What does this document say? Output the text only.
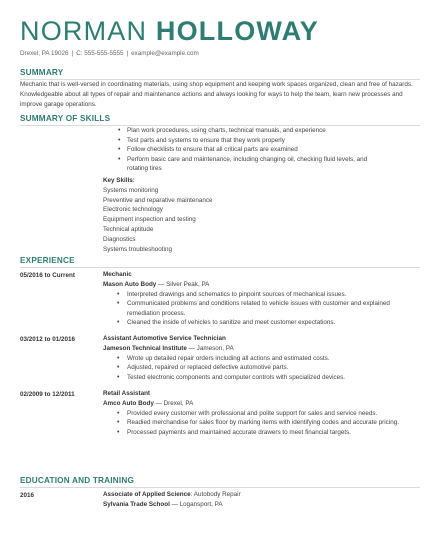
NORMAN HOLLOWAY
Drexel, PA 19026 | C: 555-555-5555 | example@example.com
SUMMARY
Mechanic that is well-versed in coordinating materials, using shop equipment and keeping work spaces organized, clean and free of hazards. Knowledgeable about all types of repair and maintenance actions and always looking for ways to help the team, learn new processes and improve garage operations.
SUMMARY OF SKILLS
• Plan work procedures, using charts, technical manuals, and experience
• Test parts and systems to ensure that they work properly
• Follow checklists to ensure that all critical parts are examined
• Perform basic care and maintenance, including changing oil, checking fluid levels, and rotating tires
Key Skills:
Systems monitoring
Preventive and reparative maintenance
Electronic technology
Equipment inspection and testing
Technical aptitude
Diagnostics
Systems troubleshooting
EXPERIENCE
05/2016 to Current	Mechanic
Mason Auto Body — Silver Peak, PA
• Interpreted drawings and schematics to pinpoint sources of mechanical issues.
• Communicated problems and conditions related to vehicle issues with customer and explained remediation process.
• Cleaned the inside of vehicles to sanitize and meet customer expectations.
03/2012 to 01/2016	Assistant Automotive Service Technician
Jameson Technical Institute — Jameson, PA
• Wrote up detailed repair orders including all actions and estimated costs.
• Adjusted, repaired or replaced defective automotive parts.
• Tested electronic components and computer controls with specialized devices.
02/2009 to 12/2011	Retail Assistant
Amco Auto Body — Drexel, PA
• Provided every customer with professional and polite support for sales and service needs.
• Readied merchandise for sales floor by marking items with identifying codes and accurate pricing.
• Processed payments and maintained accurate drawers to meet financial targets.
EDUCATION AND TRAINING
2016	Associate of Applied Science: Autobody Repair
Sylvania Trade School — Logansport, PA
